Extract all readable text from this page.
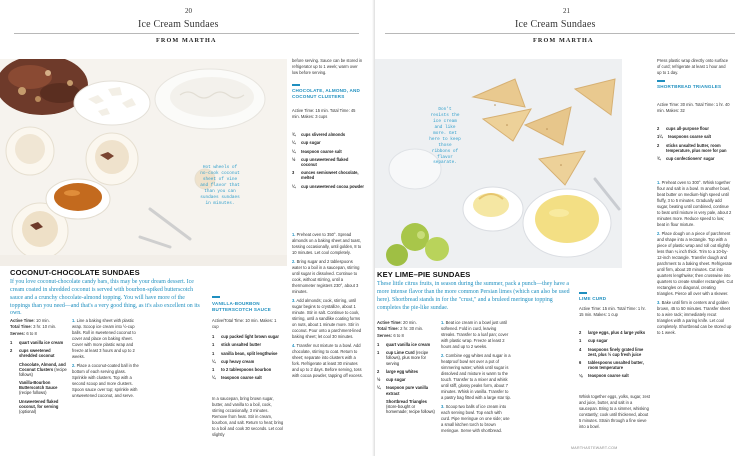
20
Ice Cream Sundaes
FROM MARTHA
Hot wheels of
no-cook coconut
sheet of vine
and flavor that
than you can
sundaes sundaes
in minutes.
before serving. Sauce can be stored in refrigerator up to 1 week; warm over low before serving.
CHOCOLATE, ALMOND, AND COCONUT CLUSTERS
Active Time: 15 min. Total Time: 45 min. Makes: 3 cups
¾	cups slivered almonds
¼	cup sugar
¼	teaspoon coarse salt
½	cup unsweetened flaked coconut
3	ounces semisweet chocolate, melted
¼	cup unsweetened cocoa powder

1. Preheat oven to 350°. Spread almonds on a baking sheet and toast, tossing occasionally, until golden, 8 to 10 minutes. Let cool completely.

2. Bring sugar and 2 tablespoons water to a boil in a saucepan, stirring until sugar is dissolved. Continue to cook, without stirring, until a thermometer registers 230°, about 3 minutes.

3. Add almonds; cook, stirring, until sugar begins to crystallize, about 1 minute. Stir in salt. Continue to cook, stirring, until a sandlike coating forms on nuts, about 1 minute more. Stir in coconut. Pour onto a parchment-lined baking sheet; let cool 30 minutes.

4. Transfer nut mixture to a bowl. Add chocolate, stirring to coat. Return to sheet; separate into clusters with a fork. Refrigerate at least 30 minutes and up to 2 days. Before serving, toss with cocoa powder, tapping off excess.

COCONUT-CHOCOLATE SUNDAES
If you love coconut-chocolate candy bars, this may be your dream dessert. Ice cream coated in shredded coconut is served with bourbon-spiked butterscotch sauce and a crunchy chocolate-almond topping. You will have more of the toppings than you need—and that's a very good thing, as it's also excellent on its own.
Active Time: 10 min.
Total Time: 3 hr. 10 min.
Serves: 6 to 8
1	quart vanilla ice cream
2	cups sweetened shredded coconut
Chocolate, Almond, and Coconut Clusters (recipe follows)
Vanilla-Bourbon Butterscotch Sauce (recipe follows)
Unsweetened flaked coconut, for serving (optional)

1. Line a baking sheet with plastic wrap. Scoop ice cream into ½-cup balls. Roll in sweetened coconut to cover and place on baking sheet. Cover with more plastic wrap and freeze at least 3 hours and up to 2 weeks.

2. Place a coconut-coated ball in the bottom of each serving glass. Sprinkle with clusters. Top with a second scoop and more clusters. Spoon sauce over top; sprinkle with unsweetened coconut, and serve.

VANILLA-BOURBON BUTTERSCOTCH SAUCE
Active/Total Time: 10 min. Makes: 1 cup
1	cup packed light brown sugar
1	stick unsalted butter
1	vanilla bean, split lengthwise
¼	cup heavy cream
1	to 2 tablespoons bourbon
¼	teaspoon coarse salt
In a saucepan, bring brown sugar, butter, and vanilla to a boil, cook, stirring occasionally, 3 minutes. Remove from heat. Stir in cream, bourbon, and salt. Return to heat; bring to a boil and cook 30 seconds. Let cool slightly
21
Ice Cream Sundaes
FROM MARTHA
Don't
resists the
ice cream
and like
more. Get
here to keep
those
ribbons of
flavor
separate.
Press plastic wrap directly onto surface of curd; refrigerate at least 1 hour and up to 1 day.
SHORTBREAD TRIANGLES
Active Time: 30 min. Total Time: 1 hr. 40 min. Makes: 32
2	cups all-purpose flour
1¼	teaspoons coarse salt
2	sticks unsalted butter, room temperature, plus more for pan
¾	cup confectioners' sugar

1. Preheat oven to 300°. Whisk together flour and salt in a bowl. In another bowl, beat butter on medium-high speed until fluffy, 3 to 5 minutes. Gradually add sugar, beating until combined, continue to beat until mixture is very pale, about 2 minutes more. Reduce speed to low; beat in flour mixture.

2. Place dough on a piece of parchment and shape into a rectangle. Top with a piece of plastic wrap and roll out slightly less than ¼ inch thick. Trim to a 10-by-12-inch rectangle. Transfer dough and parchment to a baking sheet. Refrigerate until firm, about 20 minutes. Cut into quarters lengthwise; then crosswise into quarters to create smaller rectangles. Cut rectangles on diagonal, creating triangles. Pierce all over with a skewer.

3. Bake until firm in centers and golden brown, 45 to 50 minutes. Transfer sheet to a wire rack; immediately recut triangles with a paring knife. Let cool completely. Shortbread can be stored up to 1 week.

KEY LIME–PIE SUNDAES
These little citrus fruits, in season during the summer, pack a punch—they have a more intense flavor than the more common Persian limes (which can also be used here). Shortbread stands in for the "crust," and a bruleed meringue topping completes the pie-like sundae.
Active Time: 20 min.
Total Time: 2 hr. 30 min.
Serves: 6 to 8
1	quart vanilla ice cream
1	cup Lime Curd (recipe follows), plus more for serving
2	large egg whites
½	cup sugar
¼	teaspoon pure vanilla extract
Shortbread Triangles (store-bought or homemade; recipe follows)

1. Beat ice cream in a bowl just until softened. Fold in curd, leaving streaks. Transfer to a loaf pan; cover with plastic wrap. Freeze at least 2 hours and up to 2 weeks.

2. Combine egg whites and sugar in a heatproof bowl set over a pot of simmering water; whisk until sugar is dissolved and mixture is warm to the touch. Transfer to a mixer and whisk until stiff, glossy peaks form, about 7 minutes. Whisk in vanilla. Transfer to a pastry bag fitted with a large star tip.

3. Scoop two balls of ice cream into each serving bowl. Top each with curd. Pipe meringue on one side; use a small kitchen torch to brown meringue. Serve with shortbread.

LIME CURD
Active Time: 15 min. Total Time: 1 hr. 15 min. Makes: 1 cup
2	large eggs, plus 4 large yolks
1	cup sugar
4	teaspoons finely grated lime zest, plus ½ cup fresh juice
6	tablespoons unsalted butter, room temperature
⅛	teaspoon coarse salt
Whisk together eggs, yolks, sugar, zest and juice, butter, and salt in a saucepan. Bring to a simmer, whisking constantly; cook until thickened, about 5 minutes. Strain through a fine sieve into a bowl.
MARTHASTEWART.COM
